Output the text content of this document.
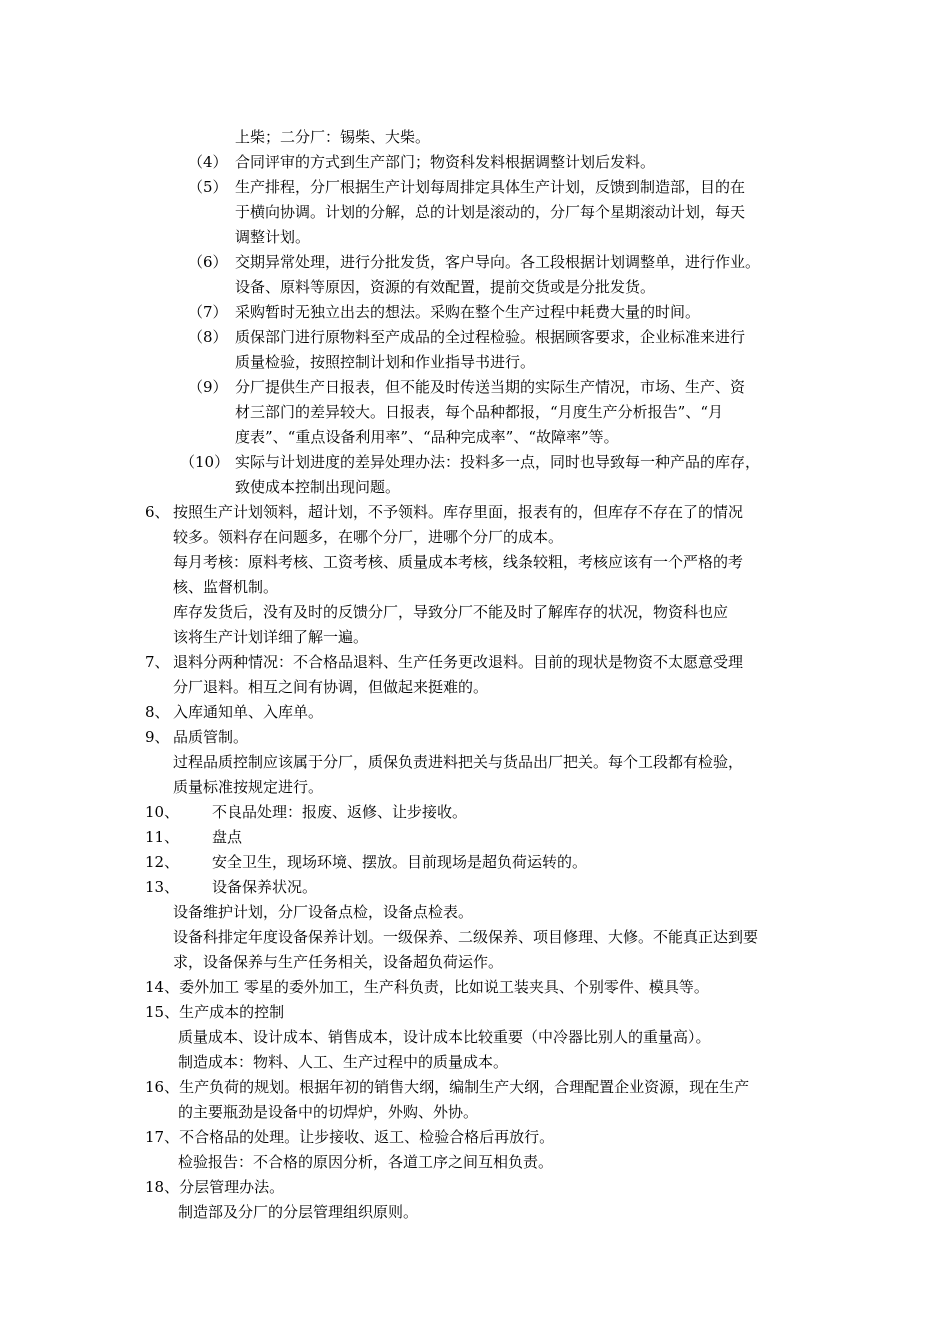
上柴；二分厂：锡柴、大柴。
（4） 合同评审的方式到生产部门；物资科发料根据调整计划后发料。
（5） 生产排程，分厂根据生产计划每周排定具体生产计划，反馈到制造部，目的在
于横向协调。计划的分解，总的计划是滚动的，分厂每个星期滚动计划，每天
调整计划。
（6） 交期异常处理，进行分批发货，客户导向。各工段根据计划调整单，进行作业。
设备、原料等原因，资源的有效配置，提前交货或是分批发货。
（7） 采购暂时无独立出去的想法。采购在整个生产过程中耗费大量的时间。
（8） 质保部门进行原物料至产成品的全过程检验。根据顾客要求，企业标准来进行
质量检验，按照控制计划和作业指导书进行。
（9） 分厂提供生产日报表，但不能及时传送当期的实际生产情况，市场、生产、资
材三部门的差异较大。日报表，每个品种都报，“月度生产分析报告”、“月
度表”、“重点设备利用率”、“品种完成率”、“故障率”等。
（10） 实际与计划进度的差异处理办法：投料多一点，同时也导致每一种产品的库存，
致使成本控制出现问题。
6、 按照生产计划领料，超计划，不予领料。库存里面，报表有的，但库存不存在了的情况
较多。领料存在问题多，在哪个分厂，进哪个分厂的成本。
每月考核：原料考核、工资考核、质量成本考核，线条较粗，考核应该有一个严格的考
核、监督机制。
库存发货后，没有及时的反馈分厂，导致分厂不能及时了解库存的状况，物资科也应
该将生产计划详细了解一遍。
7、 退料分两种情况：不合格品退料、生产任务更改退料。目前的现状是物资不太愿意受理
分厂退料。相互之间有协调，但做起来挺难的。
8、 入库通知单、入库单。
9、 品质管制。
过程品质控制应该属于分厂，质保负责进料把关与货品出厂把关。每个工段都有检验，
质量标准按规定进行。
10、 不良品处理：报废、返修、让步接收。
11、 盘点
12、 安全卫生，现场环境、摆放。目前现场是超负荷运转的。
13、 设备保养状况。
设备维护计划，分厂设备点检，设备点检表。
设备科排定年度设备保养计划。一级保养、二级保养、项目修理、大修。不能真正达到要
求，设备保养与生产任务相关，设备超负荷运作。
14、委外加工 零星的委外加工，生产科负责，比如说工装夹具、个别零件、模具等。
15、生产成本的控制
质量成本、设计成本、销售成本，设计成本比较重要（中冷器比别人的重量高）。
制造成本：物料、人工、生产过程中的质量成本。
16、生产负荷的规划。根据年初的销售大纲，编制生产大纲，合理配置企业资源，现在生产
的主要瓶劲是设备中的切焊炉，外购、外协。
17、不合格品的处理。让步接收、返工、检验合格后再放行。
检验报告：不合格的原因分析，各道工序之间互相负责。
18、分层管理办法。
制造部及分厂的分层管理组织原则。
